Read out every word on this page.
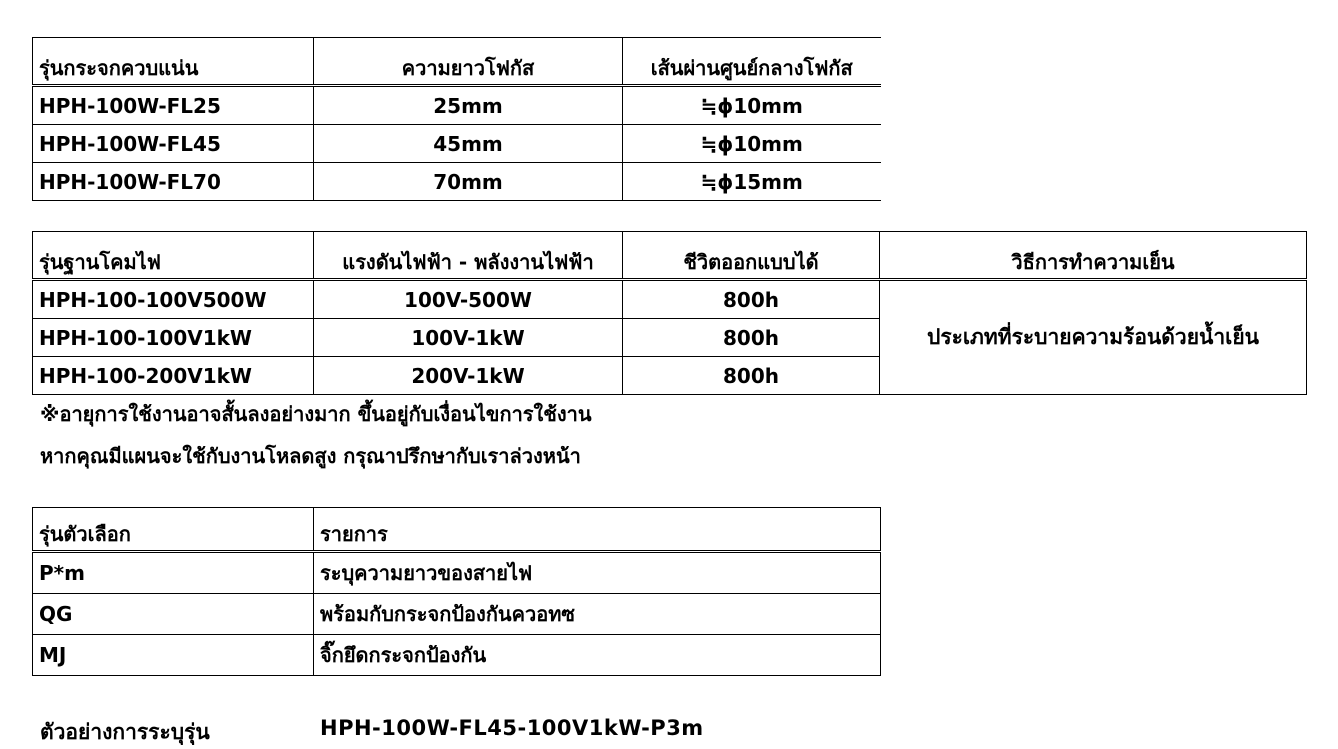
รุ่นกระจกควบแน่น	ความยาวโฟกัส	เส้นผ่านศูนย์กลางโฟกัส
HPH-100W-FL25	25mm	≒ϕ10mm
HPH-100W-FL45	45mm	≒ϕ10mm
HPH-100W-FL70	70mm	≒ϕ15mm
รุ่นฐานโคมไฟ	แรงดันไฟฟ้า - พลังงานไฟฟ้า	ชีวิตออกแบบได้	วิธีการทำความเย็น
HPH-100-100V500W	100V-500W	800h	ประเภทที่ระบายความร้อนด้วยน้ำเย็น
HPH-100-100V1kW	100V-1kW	800h	
HPH-100-200V1kW	200V-1kW	800h	
※อายุการใช้งานอาจสั้นลงอย่างมาก ขึ้นอยู่กับเงื่อนไขการใช้งาน
หากคุณมีแผนจะใช้กับงานโหลดสูง กรุณาปรึกษากับเราล่วงหน้า
รุ่นตัวเลือก	รายการ
P*m	ระบุความยาวของสายไฟ
QG	พร้อมกับกระจกป้องกันควอทซ
MJ	จิ๊กยึดกระจกป้องกัน
ตัวอย่างการระบุรุ่น	HPH-100W-FL45-100V1kW-P3m
